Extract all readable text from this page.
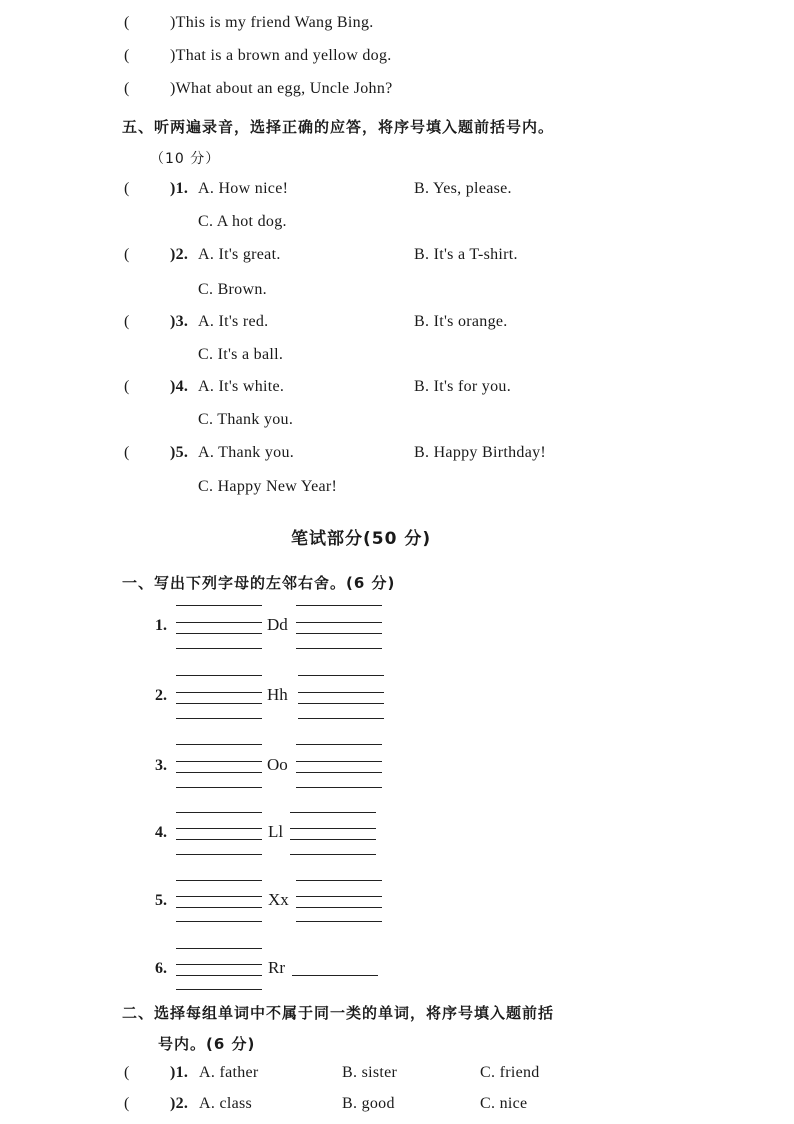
(	)This is my friend Wang Bing.
(	)That is a brown and yellow dog.
(	)What about an egg, Uncle John?
五、听两遍录音，选择正确的应答，将序号填入题前括号内。
（10 分）
(	)1. A. How nice!	B. Yes, please.
C. A hot dog.
(	)2. A. It's great.	B. It's a T-shirt.
C. Brown.
(	)3. A. It's red.	B. It's orange.
C. It's a ball.
(	)4. A. It's white.	B. It's for you.
C. Thank you.
(	)5. A. Thank you.	B. Happy Birthday!
C. Happy New Year!
笔试部分(50 分)
一、写出下列字母的左邻右舍。(6 分)
1.	Dd
2.	Hh
3.	Oo
4.	Ll
5.	Xx
6.	Rr
二、选择每组单词中不属于同一类的单词，将序号填入题前括
号内。(6 分)
(	)1. A. father	B. sister	C. friend
(	)2. A. class	B. good	C. nice
